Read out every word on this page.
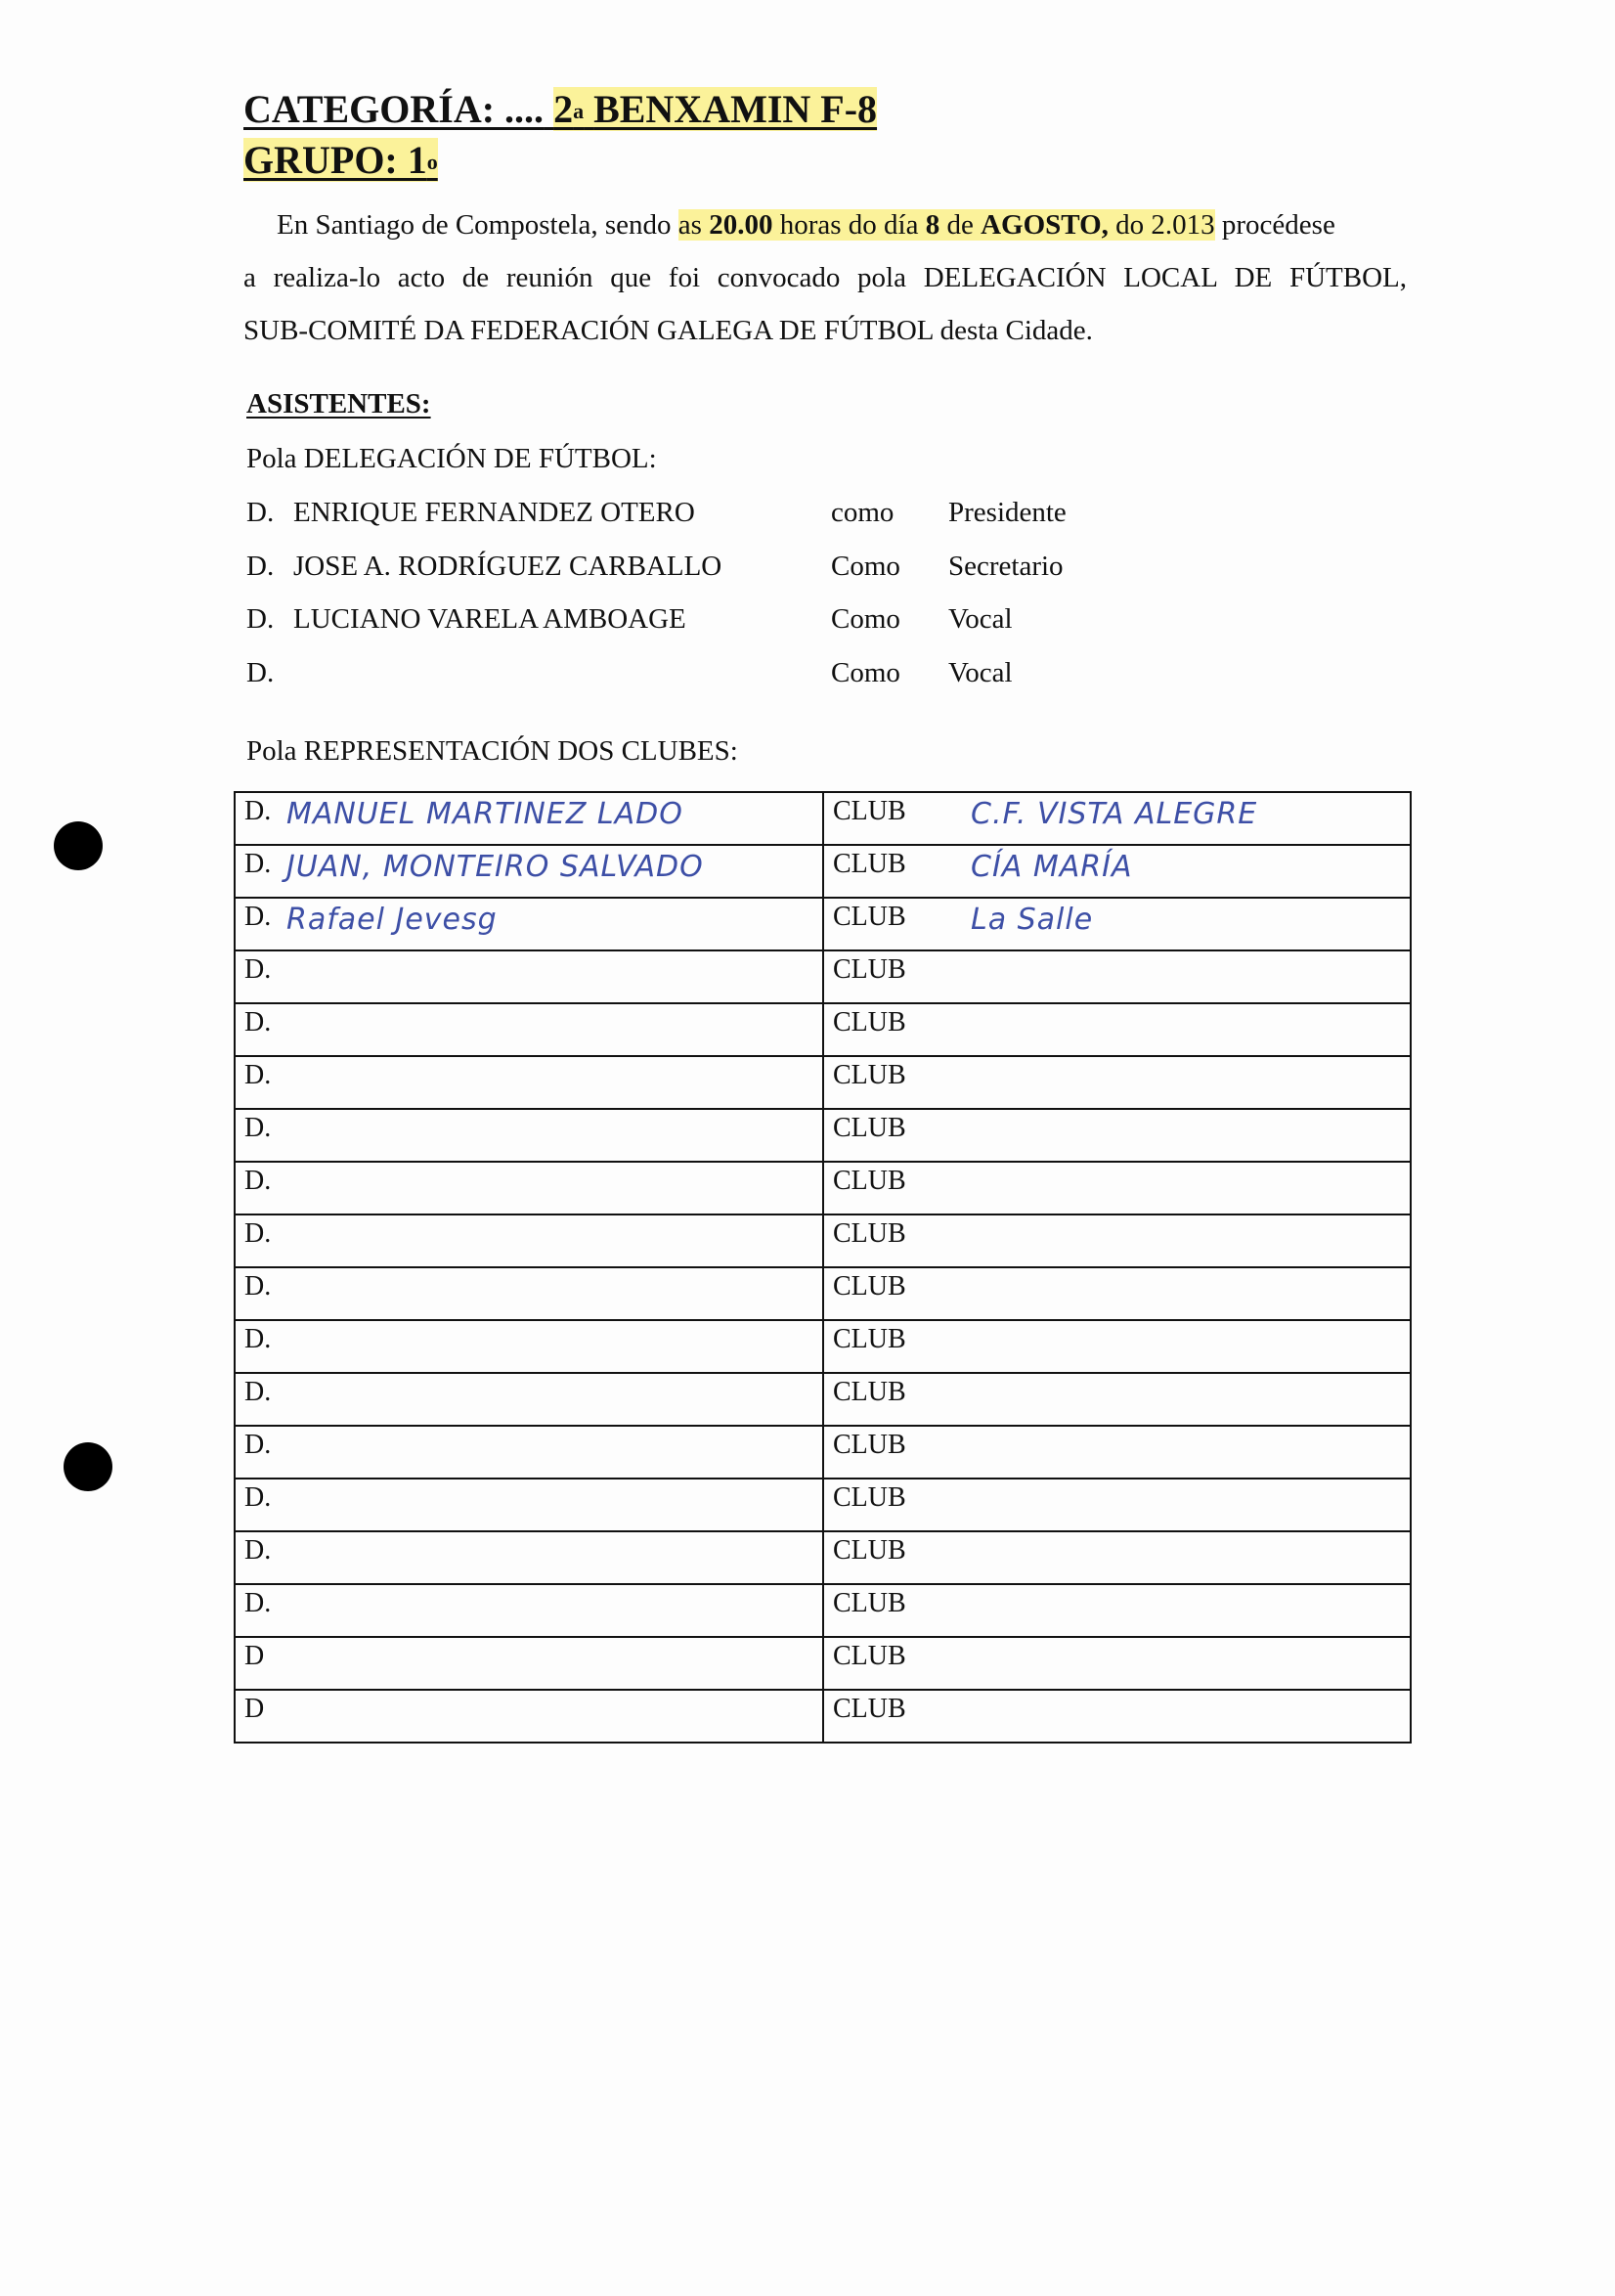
CATEGORÍA: .... 2$^a$ BENXAMIN F-8
GRUPO: 1$^o$
En Santiago de Compostela, sendo as 20.00 horas do día 8 de AGOSTO, do 2.013 procédese
a realiza-lo acto de reunión que foi convocado pola DELEGACIÓN LOCAL DE FÚTBOL,
SUB-COMITÉ DA FEDERACIÓN GALEGA DE FÚTBOL desta Cidade.
ASISTENTES:
Pola DELEGACIÓN DE FÚTBOL:
D. ENRIQUE FERNANDEZ OTERO	como Presidente
D. JOSE A. RODRÍGUEZ CARBALLO	Como Secretario
D. LUCIANO VARELA AMBOAGE	Como Vocal
D.	Como Vocal
Pola REPRESENTACIÓN DOS CLUBES:
D. MANUEL MARTINEZ LADO	CLUB C.F. VISTA ALEGRE

D. JUAN, MONTEIRO SALVADO	CLUB CÍA MARÍA

D. Rafael Jevesg	CLUB La Salle

D.	CLUB

D.	CLUB

D.	CLUB

D.	CLUB

D.	CLUB

D.	CLUB

D.	CLUB

D.	CLUB

D.	CLUB

D.	CLUB

D.	CLUB

D.	CLUB

D.	CLUB

D	CLUB

D	CLUB
